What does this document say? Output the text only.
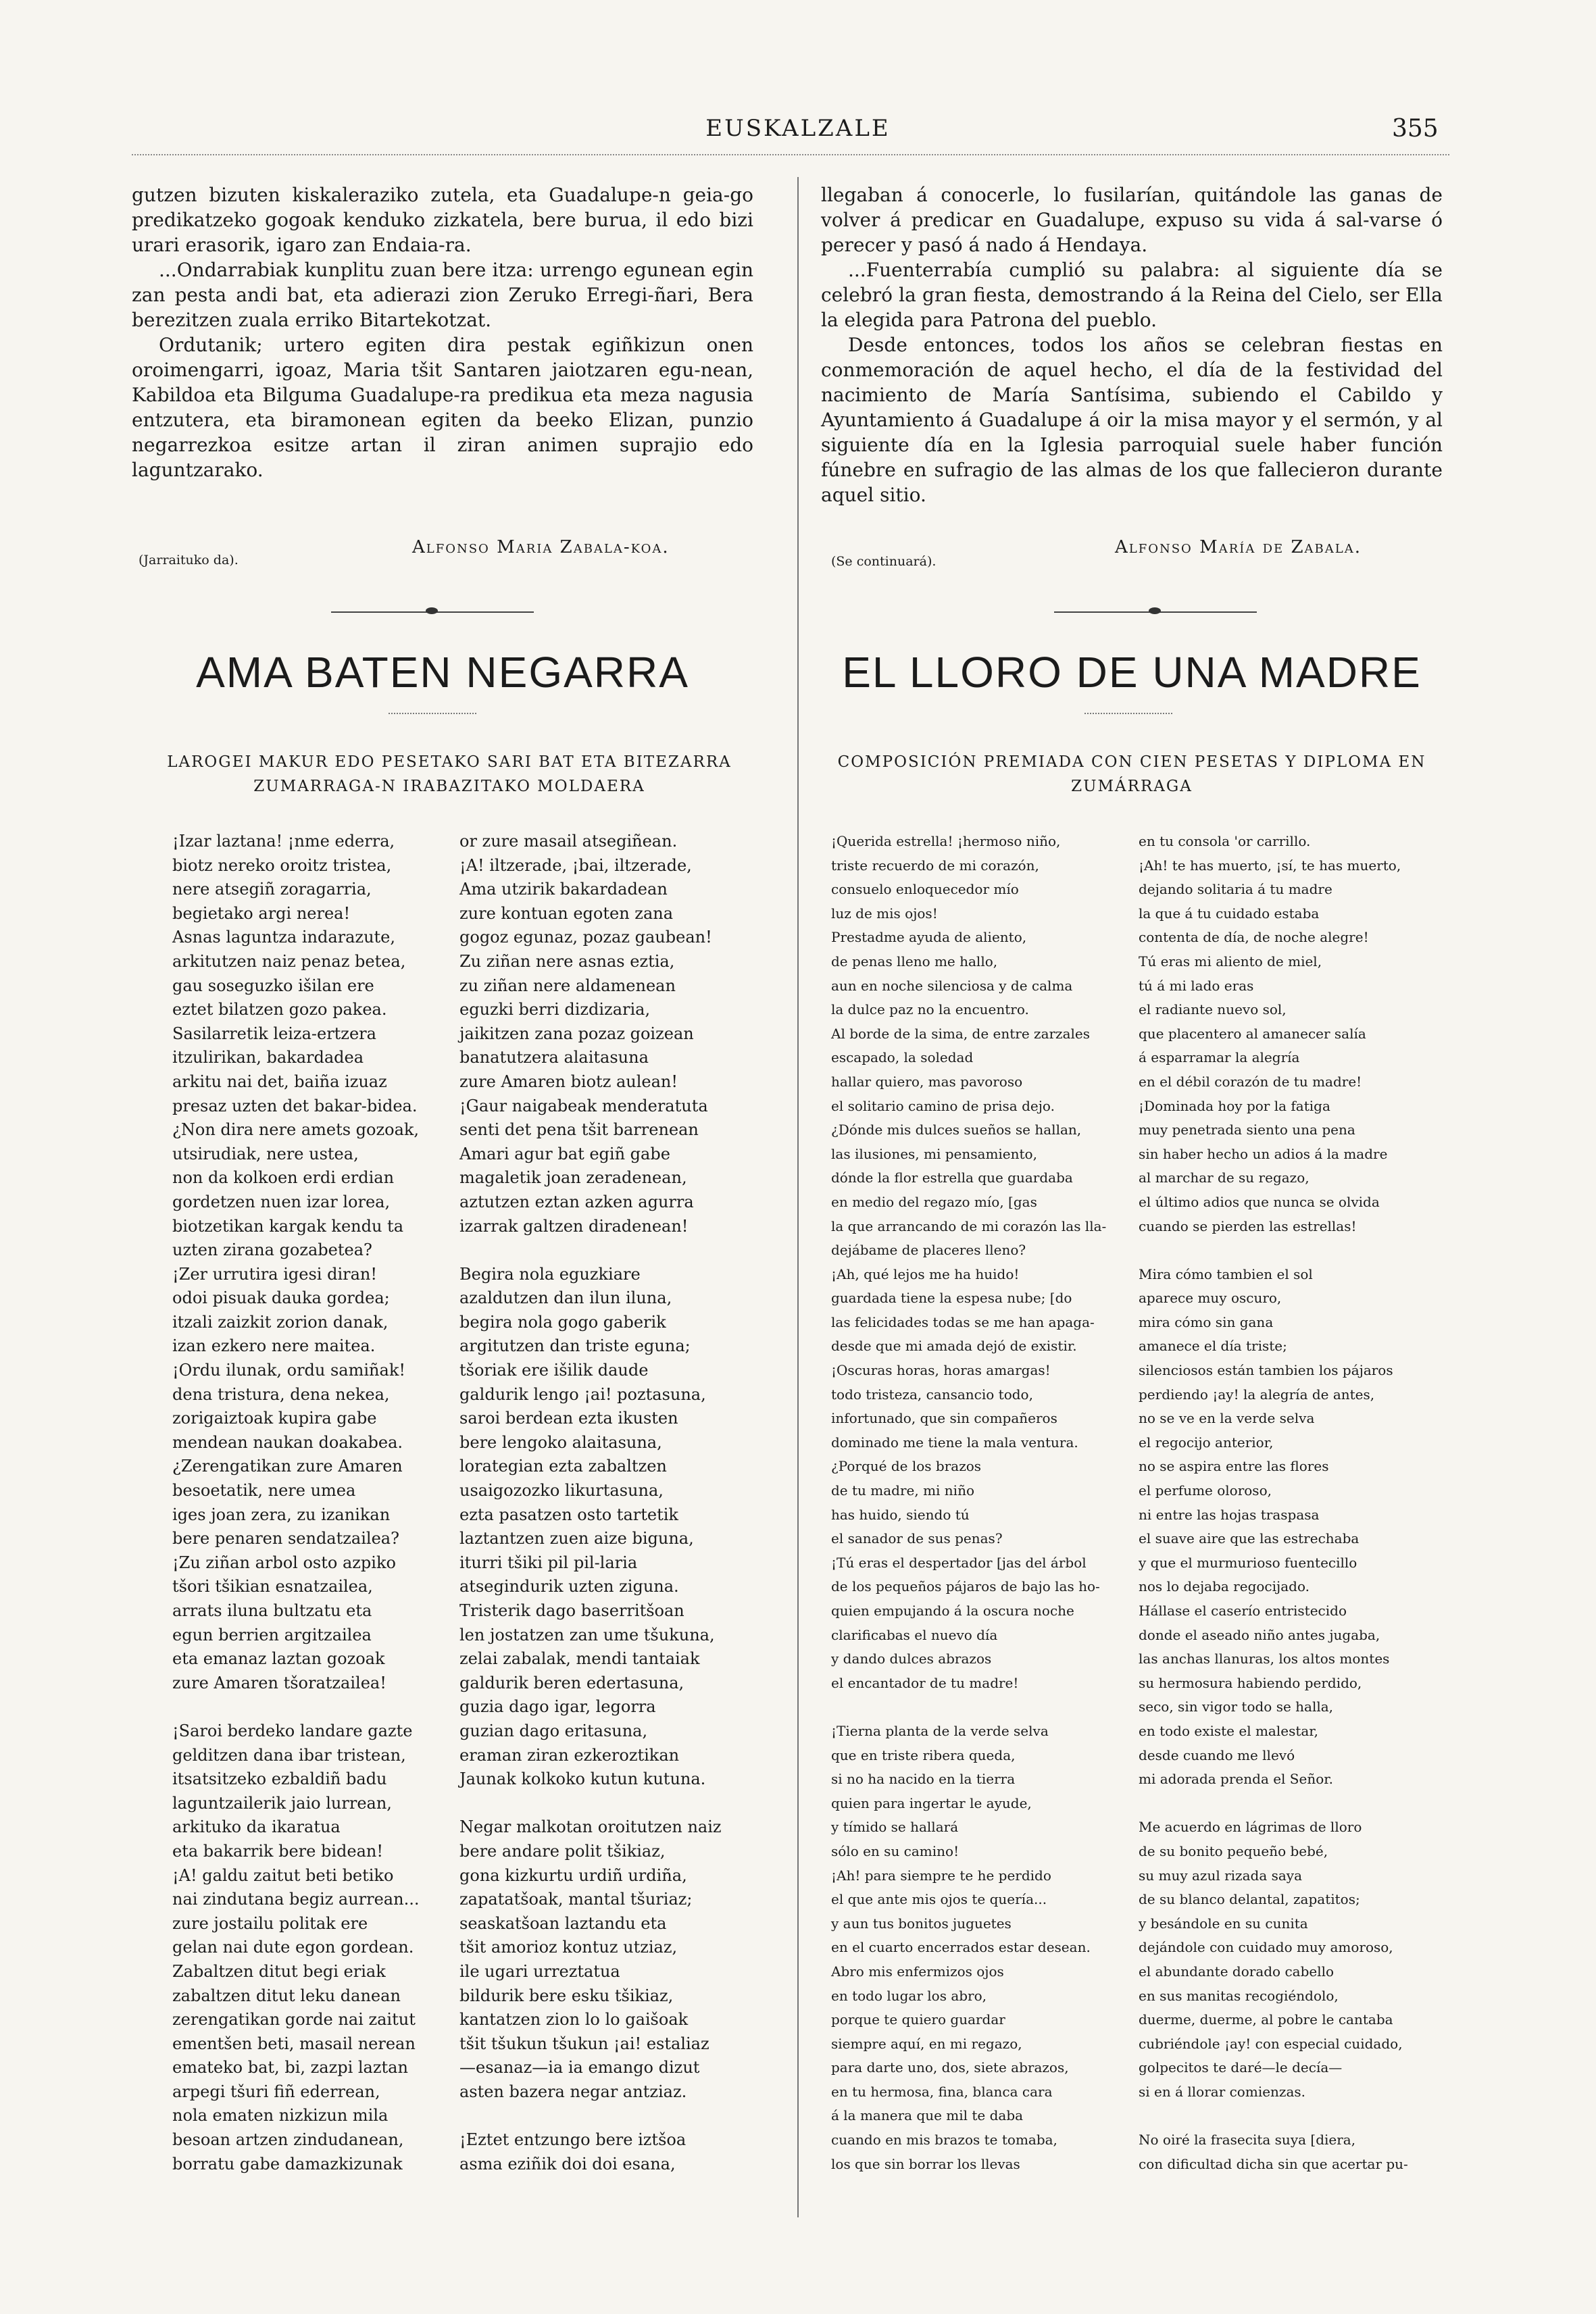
EUSKALZALE	355

gutzen bizuten kiskaleraziko zutela, eta Guadalupe-n geia-go predikatzeko gogoak kenduko zizkatela, bere burua, il edo bizi urari erasorik, igaro zan Endaia-ra.

...Ondarrabiak kunplitu zuan bere itza: urrengo egunean egin zan pesta andi bat, eta adierazi zion Zeruko Erregi-ñari, Bera berezitzen zuala erriko Bitartekotzat.

Ordutanik; urtero egiten dira pestak egiñkizun onen oroimengarri, igoaz, Maria tšit Santaren jaiotzaren egu-nean, Kabildoa eta Bilguma Guadalupe-ra predikua eta meza nagusia entzutera, eta biramonean egiten da beeko Elizan, punzio negarrezkoa esitze artan il ziran animen suprajio edo laguntzarako.

Alfonso Maria Zabala-koa.
(Jarraituko da).
AMA BATEN NEGARRA
LAROGEI MAKUR EDO PESETAKO SARI BAT ETA BITEZARRA ZUMARRAGA-N IRABAZITAKO MOLDAERA
¡Izar laztana! ¡nme ederra,
biotz nereko oroitz tristea,
nere atsegiñ zoragarria,
begietako argi nerea!
Asnas laguntza indarazute,
arkitutzen naiz penaz betea,
gau soseguzko išilan ere
eztet bilatzen gozo pakea.
Sasilarretik leiza-ertzera
itzulirikan, bakardadea
arkitu nai det, baiña izuaz
presaz uzten det bakar-bidea.
¿Non dira nere amets gozoak,
utsirudiak, nere ustea,
non da kolkoen erdi erdian
gordetzen nuen izar lorea,
biotzetikan kargak kendu ta
uzten zirana gozabetea?
¡Zer urrutira igesi diran!
odoi pisuak dauka gordea;
itzali zaizkit zorion danak,
izan ezkero nere maitea.
¡Ordu ilunak, ordu samiñak!
dena tristura, dena nekea,
zorigaiztoak kupira gabe
mendean naukan doakabea.
¿Zerengatikan zure Amaren
besoetatik, nere umea
iges joan zera, zu izanikan
bere penaren sendatzailea?
¡Zu ziñan arbol osto azpiko
tšori tšikian esnatzailea,
arrats iluna bultzatu eta
egun berrien argitzailea
eta emanaz laztan gozoak
zure Amaren tšoratzailea!
¡Saroi berdeko landare gazte
gelditzen dana ibar tristean,
itsatsitzeko ezbaldiñ badu
laguntzailerik jaio lurrean,
arkituko da ikaratua
eta bakarrik bere bidean!
¡A! galdu zaitut beti betiko
nai zindutana begiz aurrean...
zure jostailu politak ere
gelan nai dute egon gordean.
Zabaltzen ditut begi eriak
zabaltzen ditut leku danean
zerengatikan gorde nai zaitut
ementšen beti, masail nerean
emateko bat, bi, zazpi laztan
arpegi tšuri fiñ ederrean,
nola ematen nizkizun mila
besoan artzen zindudanean,
borratu gabe damazkizunak
or zure masail atsegiñean.
¡A! iltzerade, ¡bai, iltzerade,
Ama utzirik bakardadean
zure kontuan egoten zana
gogoz egunaz, pozaz gaubean!
Zu ziñan nere asnas eztia,
zu ziñan nere aldamenean
eguzki berri dizdizaria,
jaikitzen zana pozaz goizean
banatutzera alaitasuna
zure Amaren biotz aulean!
¡Gaur naigabeak menderatuta
senti det pena tšit barrenean
Amari agur bat egiñ gabe
magaletik joan zeradenean,
aztutzen eztan azken agurra
izarrak galtzen diradenean!
Begira nola eguzkiare
azaldutzen dan ilun iluna,
begira nola gogo gaberik
argitutzen dan triste eguna;
tšoriak ere išilik daude
galdurik lengo ¡ai! poztasuna,
saroi berdean ezta ikusten
bere lengoko alaitasuna,
lorategian ezta zabaltzen
usaigozozko likurtasuna,
ezta pasatzen osto tartetik
laztantzen zuen aize biguna,
iturri tšiki pil pil-laria
atsegindurik uzten ziguna.
Tristerik dago baserritšoan
len jostatzen zan ume tšukuna,
zelai zabalak, mendi tantaiak
galdurik beren edertasuna,
guzia dago igar, legorra
guzian dago eritasuna,
eraman ziran ezkeroztikan
Jaunak kolkoko kutun kutuna.
Negar malkotan oroitutzen naiz
bere andare polit tšikiaz,
gona kizkurtu urdiñ urdiña,
zapatatšoak, mantal tšuriaz;
seaskatšoan laztandu eta
tšit amorioz kontuz utziaz,
ile ugari urreztatua
bildurik bere esku tšikiaz,
kantatzen zion lo lo gaišoak
tšit tšukun tšukun ¡ai! estaliaz
—esanaz—ia ia emango dizut
asten bazera negar antziaz.
¡Eztet entzungo bere iztšoa
asma eziñik doi doi esana,

llegaban á conocerle, lo fusilarían, quitándole las ganas de volver á predicar en Guadalupe, expuso su vida á sal-varse ó perecer y pasó á nado á Hendaya.

...Fuenterrabía cumplió su palabra: al siguiente día se celebró la gran fiesta, demostrando á la Reina del Cielo, ser Ella la elegida para Patrona del pueblo.

Desde entonces, todos los años se celebran fiestas en conmemoración de aquel hecho, el día de la festividad del nacimiento de María Santísima, subiendo el Cabildo y Ayuntamiento á Guadalupe á oir la misa mayor y el sermón, y al siguiente día en la Iglesia parroquial suele haber función fúnebre en sufragio de las almas de los que fallecieron durante aquel sitio.

Alfonso María de Zabala.
(Se continuará).
EL LLORO DE UNA MADRE
COMPOSICIÓN PREMIADA CON CIEN PESETAS Y DIPLOMA EN ZUMÁRRAGA
¡Querida estrella! ¡hermoso niño,
triste recuerdo de mi corazón,
consuelo enloquecedor mío
luz de mis ojos!
Prestadme ayuda de aliento,
de penas lleno me hallo,
aun en noche silenciosa y de calma
la dulce paz no la encuentro.
Al borde de la sima, de entre zarzales
escapado, la soledad
hallar quiero, mas pavoroso
el solitario camino de prisa dejo.
¿Dónde mis dulces sueños se hallan,
las ilusiones, mi pensamiento,
dónde la flor estrella que guardaba
en medio del regazo mío, [gas
la que arrancando de mi corazón las lla-
dejábame de placeres lleno?
¡Ah, qué lejos me ha huido!
guardada tiene la espesa nube; [do
las felicidades todas se me han apaga-
desde que mi amada dejó de existir.
¡Oscuras horas, horas amargas!
todo tristeza, cansancio todo,
infortunado, que sin compañeros
dominado me tiene la mala ventura.
¿Porqué de los brazos
de tu madre, mi niño
has huido, siendo tú
el sanador de sus penas?
¡Tú eras el despertador [jas del árbol
de los pequeños pájaros de bajo las ho-
quien empujando á la oscura noche
clarificabas el nuevo día
y dando dulces abrazos
el encantador de tu madre!
¡Tierna planta de la verde selva
que en triste ribera queda,
si no ha nacido en la tierra
quien para ingertar le ayude,
y tímido se hallará
sólo en su camino!
¡Ah! para siempre te he perdido
el que ante mis ojos te quería...
y aun tus bonitos juguetes
en el cuarto encerrados estar desean.
Abro mis enfermizos ojos
en todo lugar los abro,
porque te quiero guardar
siempre aquí, en mi regazo,
para darte uno, dos, siete abrazos,
en tu hermosa, fina, blanca cara
á la manera que mil te daba
cuando en mis brazos te tomaba,
los que sin borrar los llevas
en tu consola 'or carrillo.
¡Ah! te has muerto, ¡sí, te has muerto,
dejando solitaria á tu madre
la que á tu cuidado estaba
contenta de día, de noche alegre!
Tú eras mi aliento de miel,
tú á mi lado eras
el radiante nuevo sol,
que placentero al amanecer salía
á esparramar la alegría
en el débil corazón de tu madre!
¡Dominada hoy por la fatiga
muy penetrada siento una pena
sin haber hecho un adios á la madre
al marchar de su regazo,
el último adios que nunca se olvida
cuando se pierden las estrellas!
Mira cómo tambien el sol
aparece muy oscuro,
mira cómo sin gana
amanece el día triste;
silenciosos están tambien los pájaros
perdiendo ¡ay! la alegría de antes,
no se ve en la verde selva
el regocijo anterior,
no se aspira entre las flores
el perfume oloroso,
ni entre las hojas traspasa
el suave aire que las estrechaba
y que el murmurioso fuentecillo
nos lo dejaba regocijado.
Hállase el caserío entristecido
donde el aseado niño antes jugaba,
las anchas llanuras, los altos montes
su hermosura habiendo perdido,
seco, sin vigor todo se halla,
en todo existe el malestar,
desde cuando me llevó
mi adorada prenda el Señor.
Me acuerdo en lágrimas de lloro
de su bonito pequeño bebé,
su muy azul rizada saya
de su blanco delantal, zapatitos;
y besándole en su cunita
dejándole con cuidado muy amoroso,
el abundante dorado cabello
en sus manitas recogiéndolo,
duerme, duerme, al pobre le cantaba
cubriéndole ¡ay! con especial cuidado,
golpecitos te daré—le decía—
si en á llorar comienzas.
No oiré la frasecita suya [diera,
con dificultad dicha sin que acertar pu-
